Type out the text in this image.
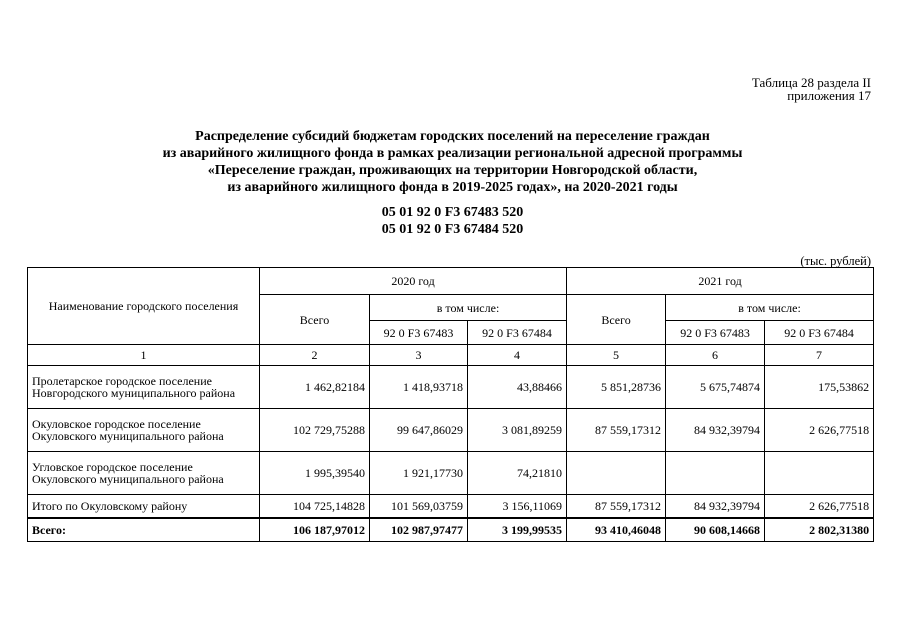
Таблица 28 раздела II
приложения 17
Распределение субсидий бюджетам городских поселений на переселение граждан
из аварийного жилищного фонда в рамках реализации региональной адресной программы
«Переселение граждан, проживающих на территории Новгородской области,
из аварийного жилищного фонда в 2019-2025 годах», на 2020-2021 годы
05 01 92 0 F3 67483 520
05 01 92 0 F3 67484 520
(тыс. рублей)
Наименование городского поселения	2020 год			2021 год		
	Всего	в том числе:		Всего	в том числе:	
		92 0 F3 67483	92 0 F3 67484		92 0 F3 67483	92 0 F3 67484
1	2	3	4	5	6	7
Пролетарское городское поселение Новгородского муниципального района	1 462,82184	1 418,93718	43,88466	5 851,28736	5 675,74874	175,53862
Окуловское городское поселение Окуловского муниципального района	102 729,75288	99 647,86029	3 081,89259	87 559,17312	84 932,39794	2 626,77518
Угловское городское поселение Окуловского муниципального района	1 995,39540	1 921,17730	74,21810			
Итого по Окуловскому району	104 725,14828	101 569,03759	3 156,11069	87 559,17312	84 932,39794	2 626,77518
Всего:	106 187,97012	102 987,97477	3 199,99535	93 410,46048	90 608,14668	2 802,31380
